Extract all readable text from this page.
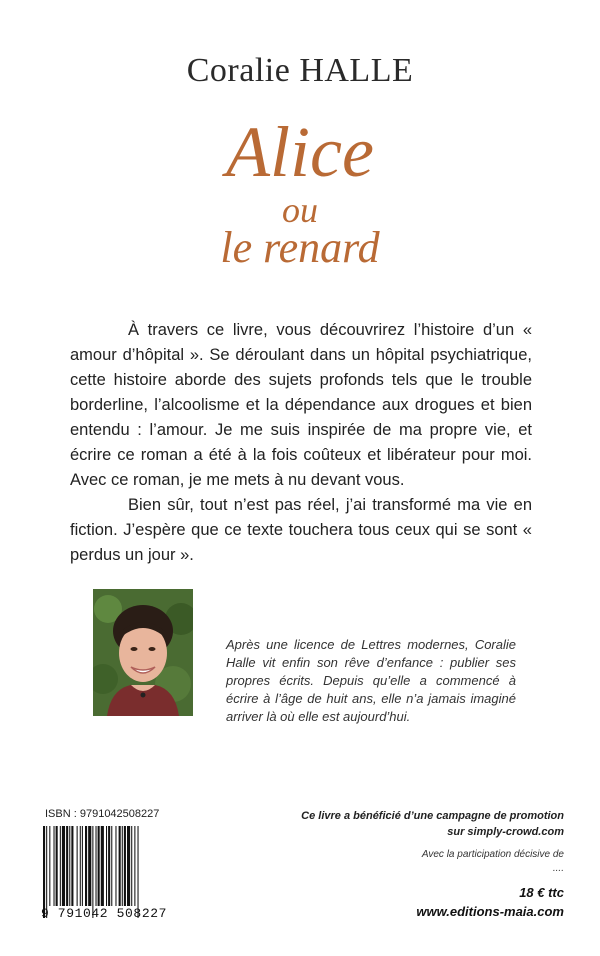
Coralie HALLE
Alice
ou
le renard

À travers ce livre, vous découvrirez l’histoire d’un « amour d’hôpital ». Se déroulant dans un hôpital psychiatrique, cette histoire aborde des sujets profonds tels que le trouble borderline, l’alcoolisme et la dépendance aux drogues et bien entendu : l’amour. Je me suis inspirée de ma propre vie, et écrire ce roman a été à la fois coûteux et libérateur pour moi. Avec ce roman, je me mets à nu devant vous.

Bien sûr, tout n’est pas réel, j’ai transformé ma vie en fiction. J’espère que ce texte touchera tous ceux qui se sont « perdus un jour ».

Après une licence de Lettres modernes, Coralie Halle vit enfin son rêve d’enfance : publier ses propres écrits. Depuis qu’elle a commencé à écrire à l’âge de huit ans, elle n’a jamais imaginé arriver là où elle est aujourd’hui.
ISBN : 9791042508227
9 791042 508227
Ce livre a bénéficié d’une campagne de promotion
sur simply-crowd.com
Avec la participation décisive de
....
18 € ttc
www.editions-maia.com
